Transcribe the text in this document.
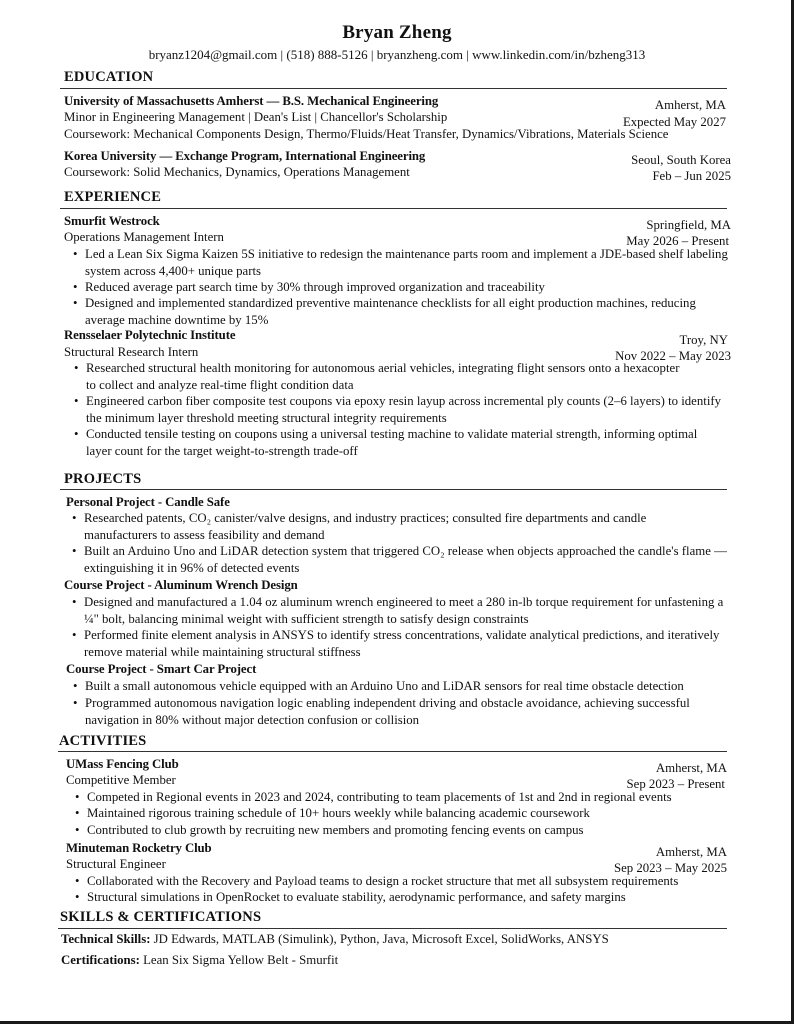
Bryan Zheng
bryanz1204@gmail.com | (518) 888-5126 | bryanzheng.com | www.linkedin.com/in/bzheng313
EDUCATION
University of Massachusetts Amherst — B.S. Mechanical Engineering	Amherst, MA
Minor in Engineering Management | Dean's List | Chancellor's Scholarship	Expected May 2027
Coursework: Mechanical Components Design, Thermo/Fluids/Heat Transfer, Dynamics/Vibrations, Materials Science
Korea University — Exchange Program, International Engineering	Seoul, South Korea
Coursework: Solid Mechanics, Dynamics, Operations Management	Feb – Jun 2025
EXPERIENCE
Smurfit Westrock	Springfield, MA
Operations Management Intern	May 2026 – Present
• Led a Lean Six Sigma Kaizen 5S initiative to redesign the maintenance parts room and implement a JDE-based shelf labeling system across 4,400+ unique parts
• Reduced average part search time by 30% through improved organization and traceability
• Designed and implemented standardized preventive maintenance checklists for all eight production machines, reducing average machine downtime by 15%
Rensselaer Polytechnic Institute	Troy, NY
Structural Research Intern	Nov 2022 – May 2023
• Researched structural health monitoring for autonomous aerial vehicles, integrating flight sensors onto a hexacopter to collect and analyze real-time flight condition data
• Engineered carbon fiber composite test coupons via epoxy resin layup across incremental ply counts (2–6 layers) to identify the minimum layer threshold meeting structural integrity requirements
• Conducted tensile testing on coupons using a universal testing machine to validate material strength, informing optimal layer count for the target weight-to-strength trade-off
PROJECTS
Personal Project - Candle Safe
• Researched patents, CO₂ canister/valve designs, and industry practices; consulted fire departments and candle manufacturers to assess feasibility and demand
• Built an Arduino Uno and LiDAR detection system that triggered CO₂ release when objects approached the candle's flame — extinguishing it in 96% of detected events
Course Project - Aluminum Wrench Design
• Designed and manufactured a 1.04 oz aluminum wrench engineered to meet a 280 in-lb torque requirement for unfastening a ¼" bolt, balancing minimal weight with sufficient strength to satisfy design constraints
• Performed finite element analysis in ANSYS to identify stress concentrations, validate analytical predictions, and iteratively remove material while maintaining structural stiffness
Course Project - Smart Car Project
• Built a small autonomous vehicle equipped with an Arduino Uno and LiDAR sensors for real time obstacle detection
• Programmed autonomous navigation logic enabling independent driving and obstacle avoidance, achieving successful navigation in 80% without major detection confusion or collision
ACTIVITIES
UMass Fencing Club	Amherst, MA
Competitive Member	Sep 2023 – Present
• Competed in Regional events in 2023 and 2024, contributing to team placements of 1st and 2nd in regional events
• Maintained rigorous training schedule of 10+ hours weekly while balancing academic coursework
• Contributed to club growth by recruiting new members and promoting fencing events on campus
Minuteman Rocketry Club	Amherst, MA
Structural Engineer	Sep 2023 – May 2025
• Collaborated with the Recovery and Payload teams to design a rocket structure that met all subsystem requirements
• Structural simulations in OpenRocket to evaluate stability, aerodynamic performance, and safety margins
SKILLS & CERTIFICATIONS
Technical Skills: JD Edwards, MATLAB (Simulink), Python, Java, Microsoft Excel, SolidWorks, ANSYS
Certifications: Lean Six Sigma Yellow Belt - Smurfit
